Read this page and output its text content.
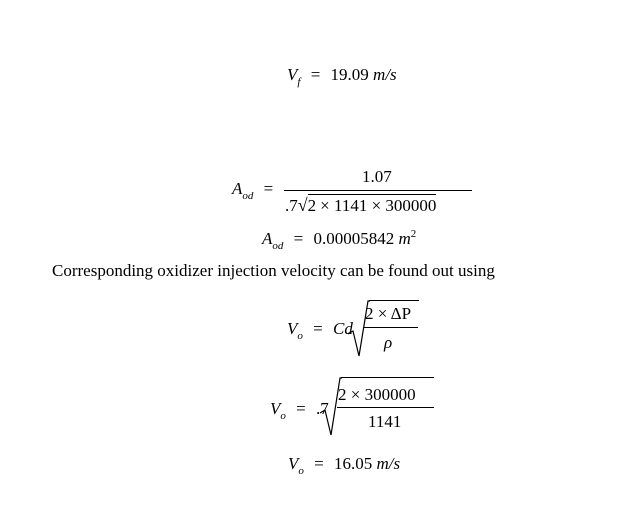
$V_f = 19.09$ m/s
$A_{od}$ =
1.07
.7√2 × 1141 × 300000
$A_{od} = 0.00005842$ $m^2$
Corresponding oxidizer injection velocity can be found out using
$V_o = Cd$
2 × ΔP
ρ
$V_o = .7$
2 × 300000
1141
$V_o = 16.05$ m/s
